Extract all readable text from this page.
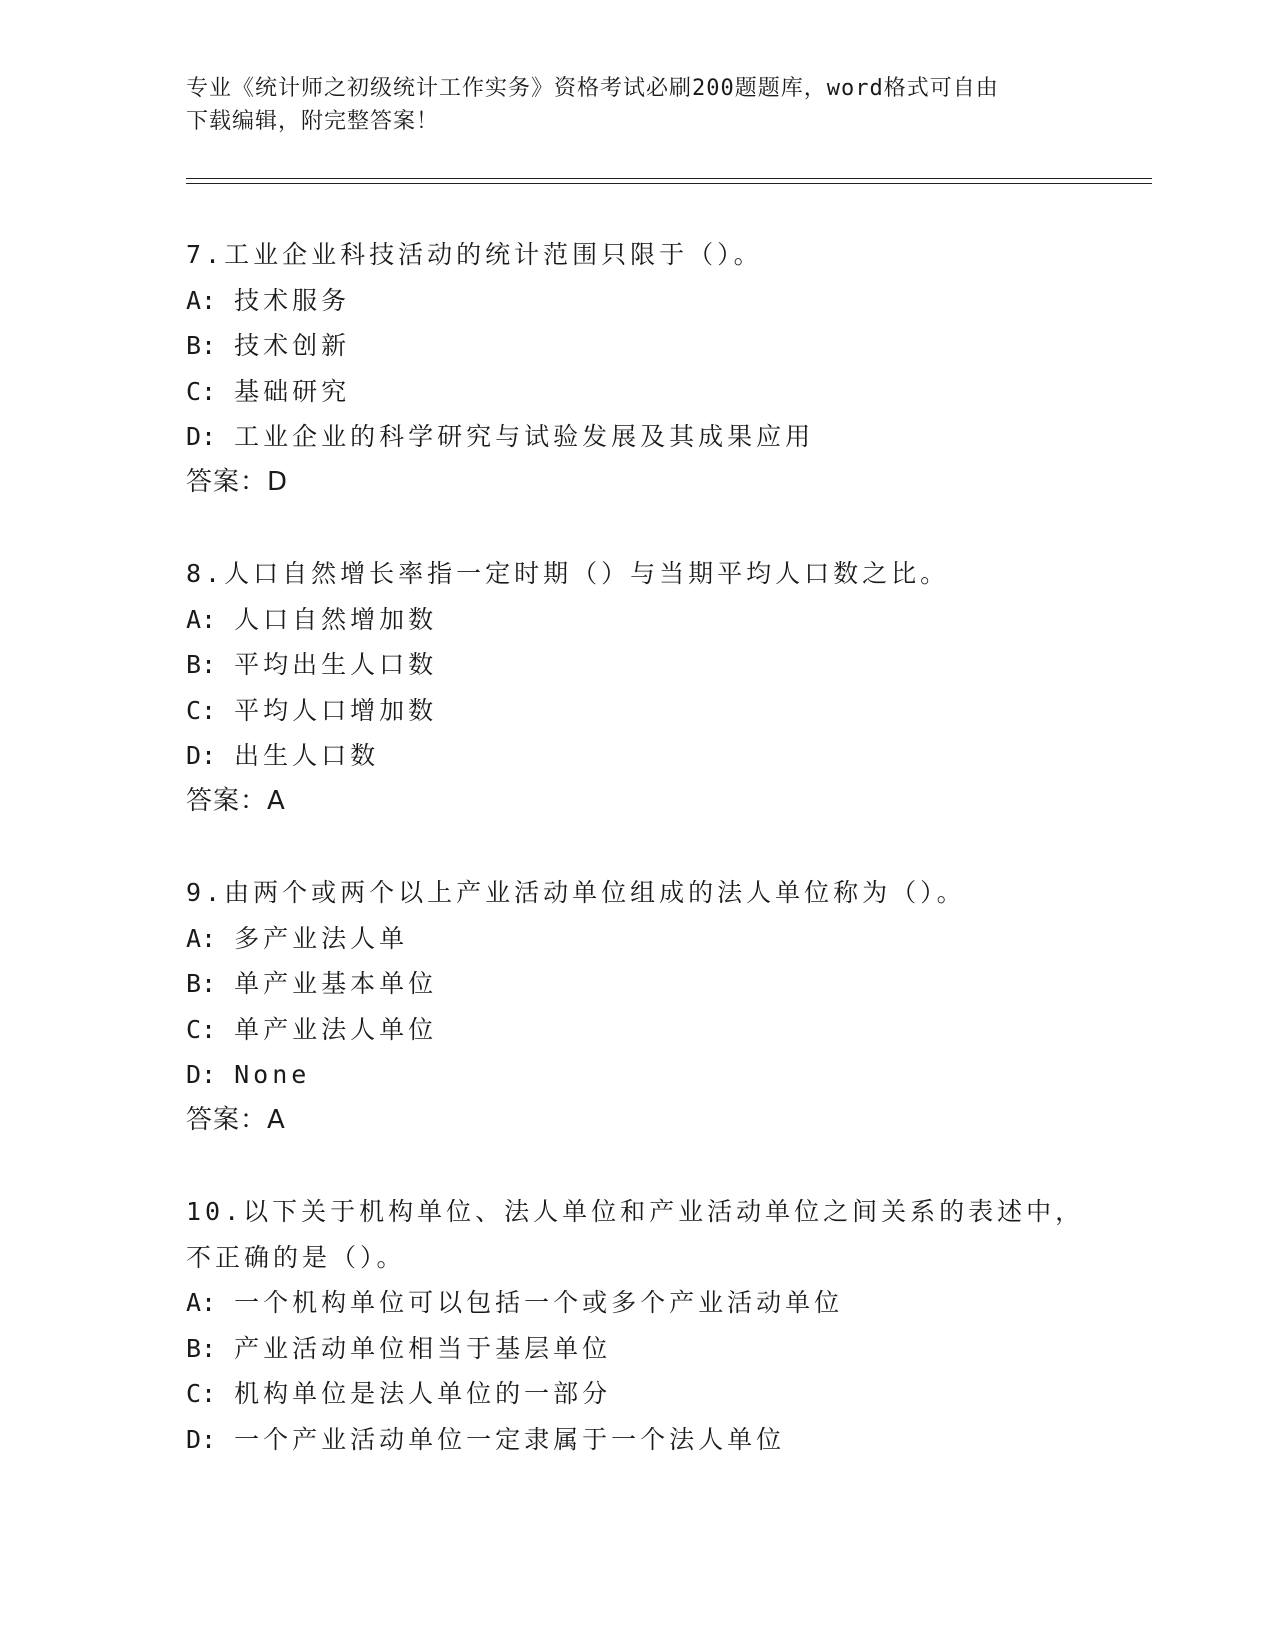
专业《统计师之初级统计工作实务》资格考试必刷200题题库，word格式可自由
下载编辑，附完整答案！
7.工业企业科技活动的统计范围只限于（）。
A: 技术服务
B: 技术创新
C: 基础研究
D: 工业企业的科学研究与试验发展及其成果应用
答案：D
8.人口自然增长率指一定时期（）与当期平均人口数之比。
A: 人口自然增加数
B: 平均出生人口数
C: 平均人口增加数
D: 出生人口数
答案：A
9.由两个或两个以上产业活动单位组成的法人单位称为（）。
A: 多产业法人单
B: 单产业基本单位
C: 单产业法人单位
D: None
答案：A
10.以下关于机构单位、法人单位和产业活动单位之间关系的表述中，
不正确的是（）。
A: 一个机构单位可以包括一个或多个产业活动单位
B: 产业活动单位相当于基层单位
C: 机构单位是法人单位的一部分
D: 一个产业活动单位一定隶属于一个法人单位
